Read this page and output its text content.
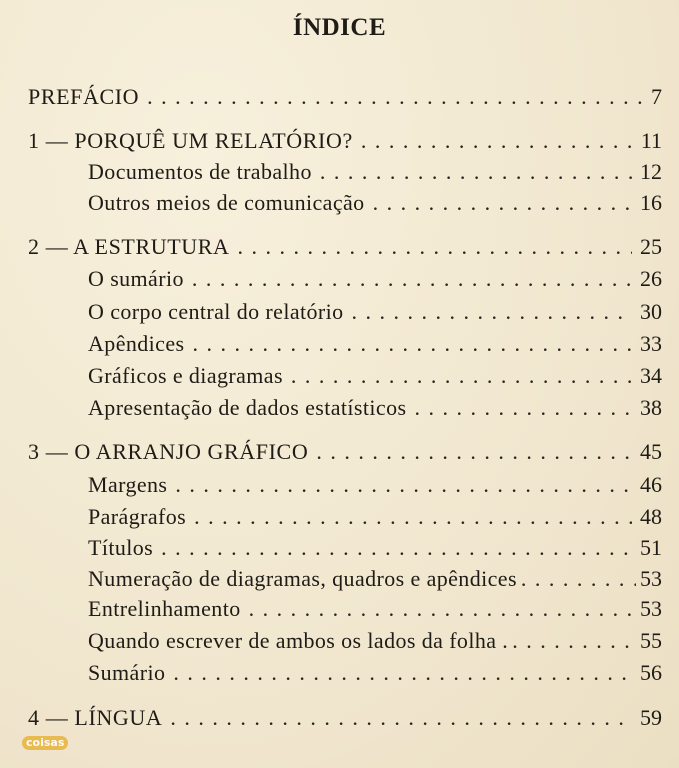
ÍNDICE
PREFÁCIO . . .	7
1 — PORQUÊ UM RELATÓRIO? . . .	11
Documentos de trabalho . . .	12
Outros meios de comunicação . . .	16
2 — A ESTRUTURA . . .	25
O sumário . . .	26
O corpo central do relatório . . .	30
Apêndices . . .	33
Gráficos e diagramas . . .	34
Apresentação de dados estatísticos . . .	38
3 — O ARRANJO GRÁFICO . . .	45
Margens . . .	46
Parágrafos . . .	48
Títulos . . .	51
Numeração de diagramas, quadros e apêndices . . .	53
Entrelinhamento . . .	53
Quando escrever de ambos os lados da folha . . . .	55
Sumário . . .	56
4 — LÍNGUA . . .	59
coisas
